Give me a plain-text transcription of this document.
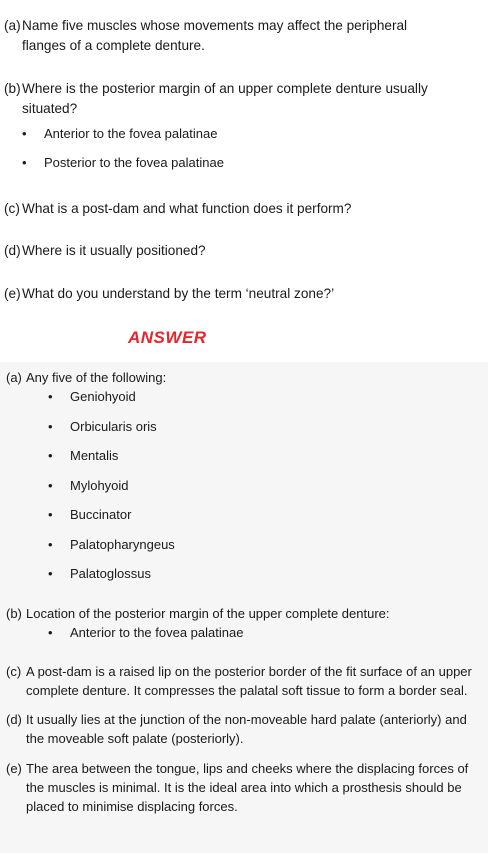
(a)Name five muscles whose movements may affect the peripheral
flanges of a complete denture.

(b)Where is the posterior margin of an upper complete denture usually
situated?

• Anterior to the fovea palatinae
• Posterior to the fovea palatinae

(c) What is a post-dam and what function does it perform?

(d)Where is it usually positioned?

(e)What do you understand by the term ‘neutral zone?’

ANSWER

(a) Any five of the following:

• Geniohyoid
• Orbicularis oris
• Mentalis
• Mylohyoid
• Buccinator
• Palatopharyngeus
• Palatoglossus

(b) Location of the posterior margin of the upper complete denture:

• Anterior to the fovea palatinae

(c) A post-dam is a raised lip on the posterior border of the fit surface of an upper
complete denture. It compresses the palatal soft tissue to form a border seal.

(d) It usually lies at the junction of the non-moveable hard palate (anteriorly) and
the moveable soft palate (posteriorly).

(e) The area between the tongue, lips and cheeks where the displacing forces of
the muscles is minimal. It is the ideal area into which a prosthesis should be
placed to minimise displacing forces.
